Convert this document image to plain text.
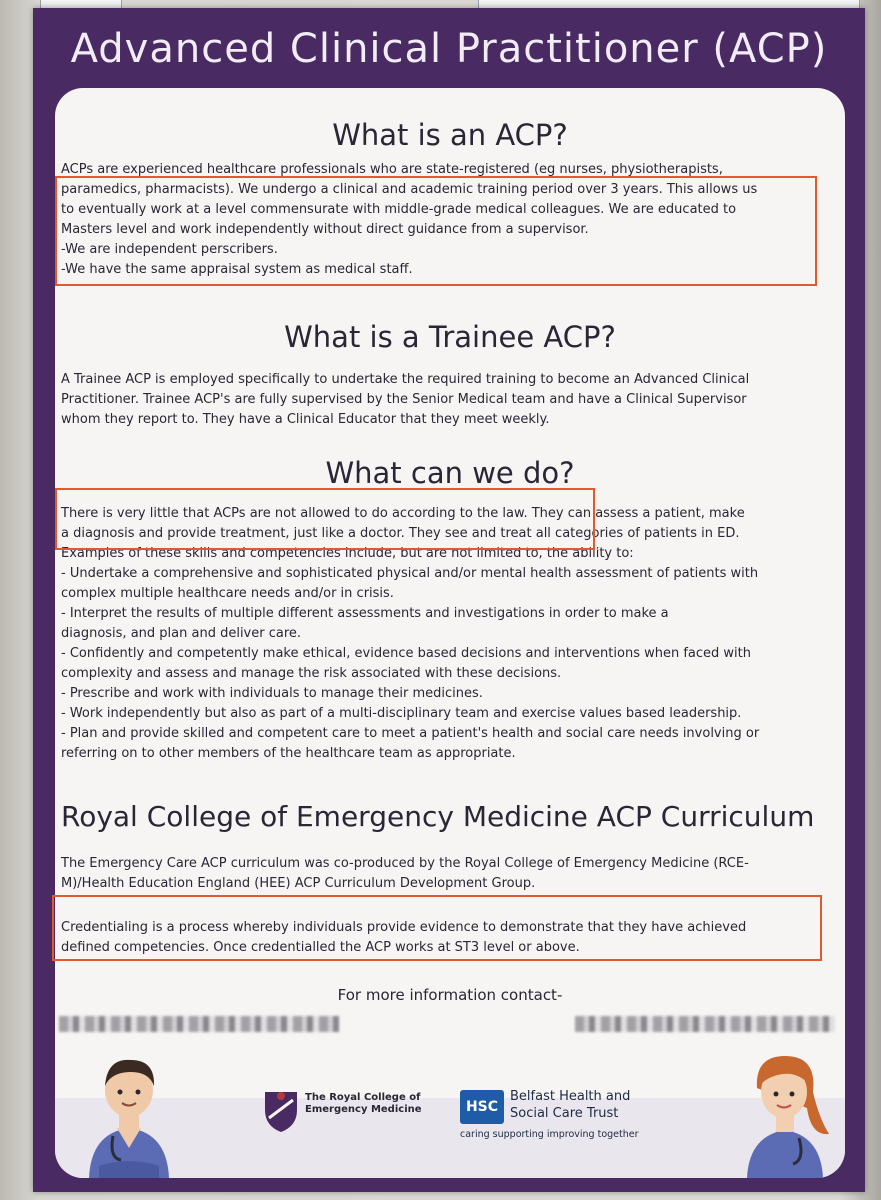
Advanced Clinical Practitioner (ACP)
What is an ACP?
ACPs are experienced healthcare professionals who are state-registered (eg nurses, physiotherapists,
paramedics, pharmacists). We undergo a clinical and academic training period over 3 years. This allows us
to eventually work at a level commensurate with middle-grade medical colleagues. We are educated to
Masters level and work independently without direct guidance from a supervisor.
-We are independent perscribers.
-We have the same appraisal system as medical staff.
What is a Trainee ACP?
A Trainee ACP is employed specifically to undertake the required training to become an Advanced Clinical
Practitioner. Trainee ACP's are fully supervised by the Senior Medical team and have a Clinical Supervisor
whom they report to. They have a Clinical Educator that they meet weekly.
What can we do?
There is very little that ACPs are not allowed to do according to the law. They can assess a patient, make
a diagnosis and provide treatment, just like a doctor. They see and treat all categories of patients in ED.
Examples of these skills and competencies include, but are not limited to, the ability to:
- Undertake a comprehensive and sophisticated physical and/or mental health assessment of patients with
complex multiple healthcare needs and/or in crisis.
- Interpret the results of multiple different assessments and investigations in order to make a
diagnosis, and plan and deliver care.
- Confidently and competently make ethical, evidence based decisions and interventions when faced with
complexity and assess and manage the risk associated with these decisions.
- Prescribe and work with individuals to manage their medicines.
- Work independently but also as part of a multi-disciplinary team and exercise values based leadership.
- Plan and provide skilled and competent care to meet a patient's health and social care needs involving or
referring on to other members of the healthcare team as appropriate.
Royal College of Emergency Medicine ACP Curriculum
The Emergency Care ACP curriculum was co-produced by the Royal College of Emergency Medicine (RCE-
M)/Health Education England (HEE) ACP Curriculum Development Group.
Credentialing is a process whereby individuals provide evidence to demonstrate that they have achieved
defined competencies. Once credentialled the ACP works at ST3 level or above.
For more information contact-
The Royal College of
Emergency Medicine	HSC
Belfast Health and
Social Care Trust
caring supporting improving together
